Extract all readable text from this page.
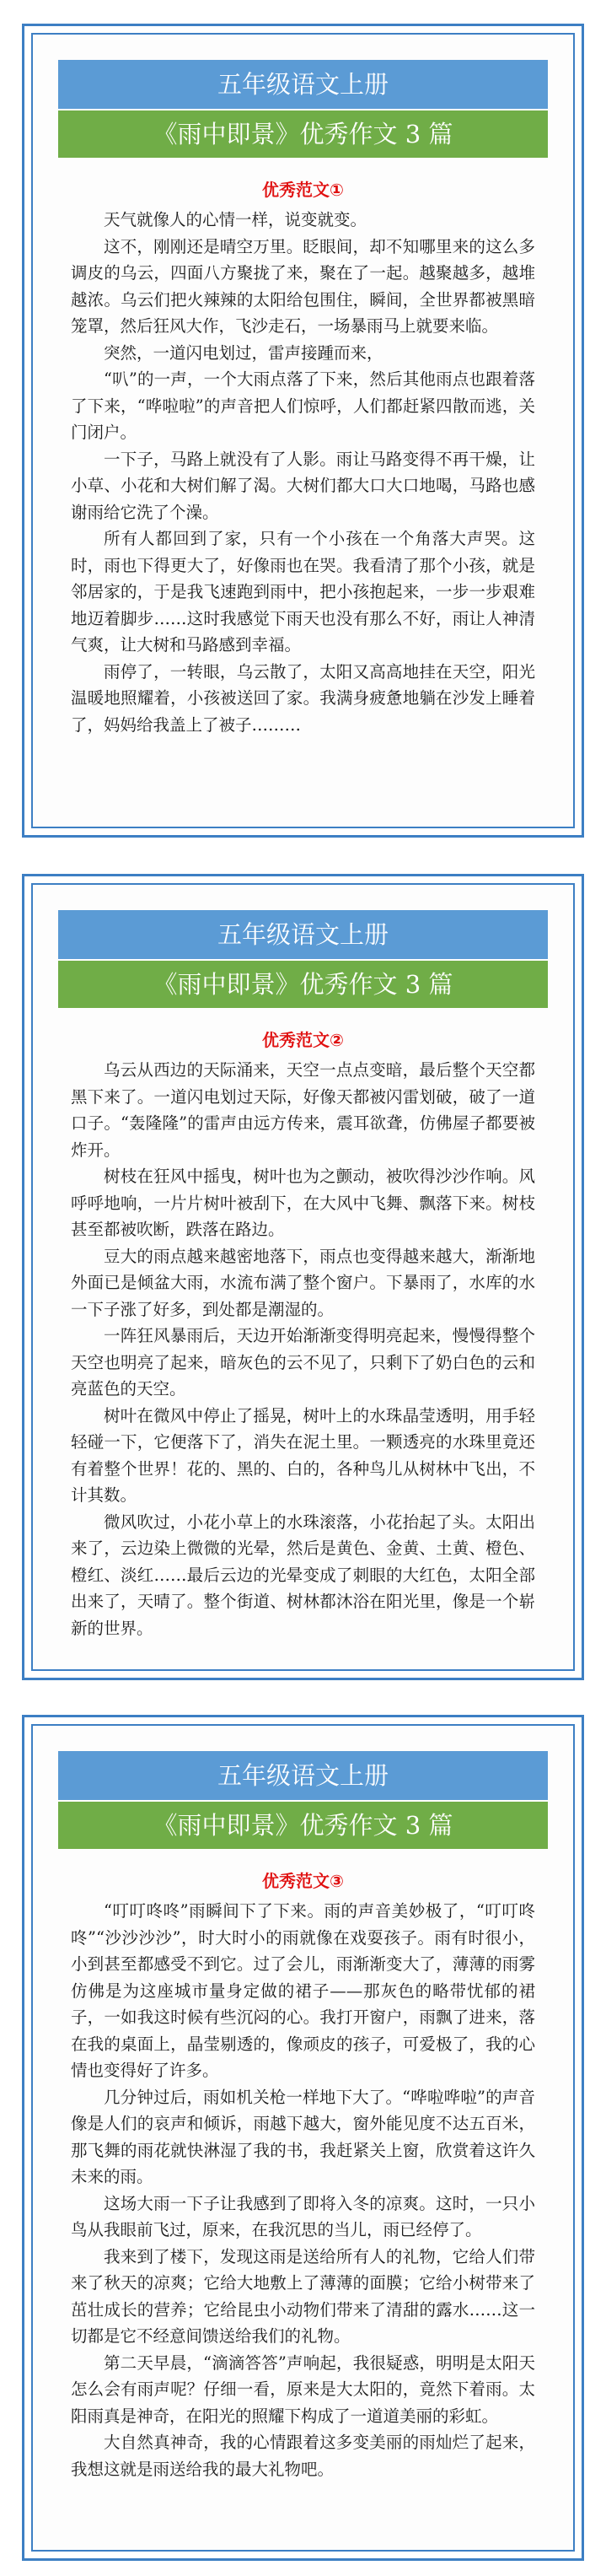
五年级语文上册
《雨中即景》优秀作文 3 篇
优秀范文①

天气就像人的心情一样，说变就变。

这不，刚刚还是晴空万里。眨眼间，却不知哪里来的这么多调皮的乌云，四面八方聚拢了来，聚在了一起。越聚越多，越堆越浓。乌云们把火辣辣的太阳给包围住，瞬间，全世界都被黑暗笼罩，然后狂风大作，飞沙走石，一场暴雨马上就要来临。

突然，一道闪电划过，雷声接踵而来，

“叭”的一声，一个大雨点落了下来，然后其他雨点也跟着落了下来，“哗啦啦”的声音把人们惊呼，人们都赶紧四散而逃，关门闭户。

一下子，马路上就没有了人影。雨让马路变得不再干燥，让小草、小花和大树们解了渴。大树们都大口大口地喝，马路也感谢雨给它洗了个澡。

所有人都回到了家，只有一个小孩在一个角落大声哭。这时，雨也下得更大了，好像雨也在哭。我看清了那个小孩，就是邻居家的，于是我飞速跑到雨中，把小孩抱起来，一步一步艰难地迈着脚步……这时我感觉下雨天也没有那么不好，雨让人神清气爽，让大树和马路感到幸福。

雨停了，一转眼，乌云散了，太阳又高高地挂在天空，阳光温暖地照耀着，小孩被送回了家。我满身疲惫地躺在沙发上睡着了，妈妈给我盖上了被子………

五年级语文上册
《雨中即景》优秀作文 3 篇
优秀范文②

乌云从西边的天际涌来，天空一点点变暗，最后整个天空都黑下来了。一道闪电划过天际，好像天都被闪雷划破，破了一道口子。“轰隆隆”的雷声由远方传来，震耳欲聋，仿佛屋子都要被炸开。

树枝在狂风中摇曳，树叶也为之颤动，被吹得沙沙作响。风呼呼地响，一片片树叶被刮下，在大风中飞舞、飘落下来。树枝甚至都被吹断，跌落在路边。

豆大的雨点越来越密地落下，雨点也变得越来越大，渐渐地外面已是倾盆大雨，水流布满了整个窗户。下暴雨了，水库的水一下子涨了好多，到处都是潮湿的。

一阵狂风暴雨后，天边开始渐渐变得明亮起来，慢慢得整个天空也明亮了起来，暗灰色的云不见了，只剩下了奶白色的云和亮蓝色的天空。

树叶在微风中停止了摇晃，树叶上的水珠晶莹透明，用手轻轻碰一下，它便落下了，消失在泥土里。一颗透亮的水珠里竟还有着整个世界！花的、黑的、白的，各种鸟儿从树林中飞出，不计其数。

微风吹过，小花小草上的水珠滚落，小花抬起了头。太阳出来了，云边染上微微的光晕，然后是黄色、金黄、土黄、橙色、橙红、淡红……最后云边的光晕变成了刺眼的大红色，太阳全部出来了，天晴了。整个街道、树林都沐浴在阳光里，像是一个崭新的世界。

五年级语文上册
《雨中即景》优秀作文 3 篇
优秀范文③

“叮叮咚咚”雨瞬间下了下来。雨的声音美妙极了，“叮叮咚咚”“沙沙沙沙”，时大时小的雨就像在戏耍孩子。雨有时很小，小到甚至都感受不到它。过了会儿，雨渐渐变大了，薄薄的雨雾仿佛是为这座城市量身定做的裙子——那灰色的略带忧郁的裙子，一如我这时候有些沉闷的心。我打开窗户，雨飘了进来，落在我的桌面上，晶莹剔透的，像顽皮的孩子，可爱极了，我的心情也变得好了许多。

几分钟过后，雨如机关枪一样地下大了。“哗啦哗啦”的声音像是人们的哀声和倾诉，雨越下越大，窗外能见度不达五百米，那飞舞的雨花就快淋湿了我的书，我赶紧关上窗，欣赏着这许久未来的雨。

这场大雨一下子让我感到了即将入冬的凉爽。这时，一只小鸟从我眼前飞过，原来，在我沉思的当儿，雨已经停了。

我来到了楼下，发现这雨是送给所有人的礼物，它给人们带来了秋天的凉爽；它给大地敷上了薄薄的面膜；它给小树带来了茁壮成长的营养；它给昆虫小动物们带来了清甜的露水……这一切都是它不经意间馈送给我们的礼物。

第二天早晨，“滴滴答答”声响起，我很疑惑，明明是太阳天怎么会有雨声呢？仔细一看，原来是大太阳的，竟然下着雨。太阳雨真是神奇，在阳光的照耀下构成了一道道美丽的彩虹。

大自然真神奇，我的心情跟着这多变美丽的雨灿烂了起来，我想这就是雨送给我的最大礼物吧。
